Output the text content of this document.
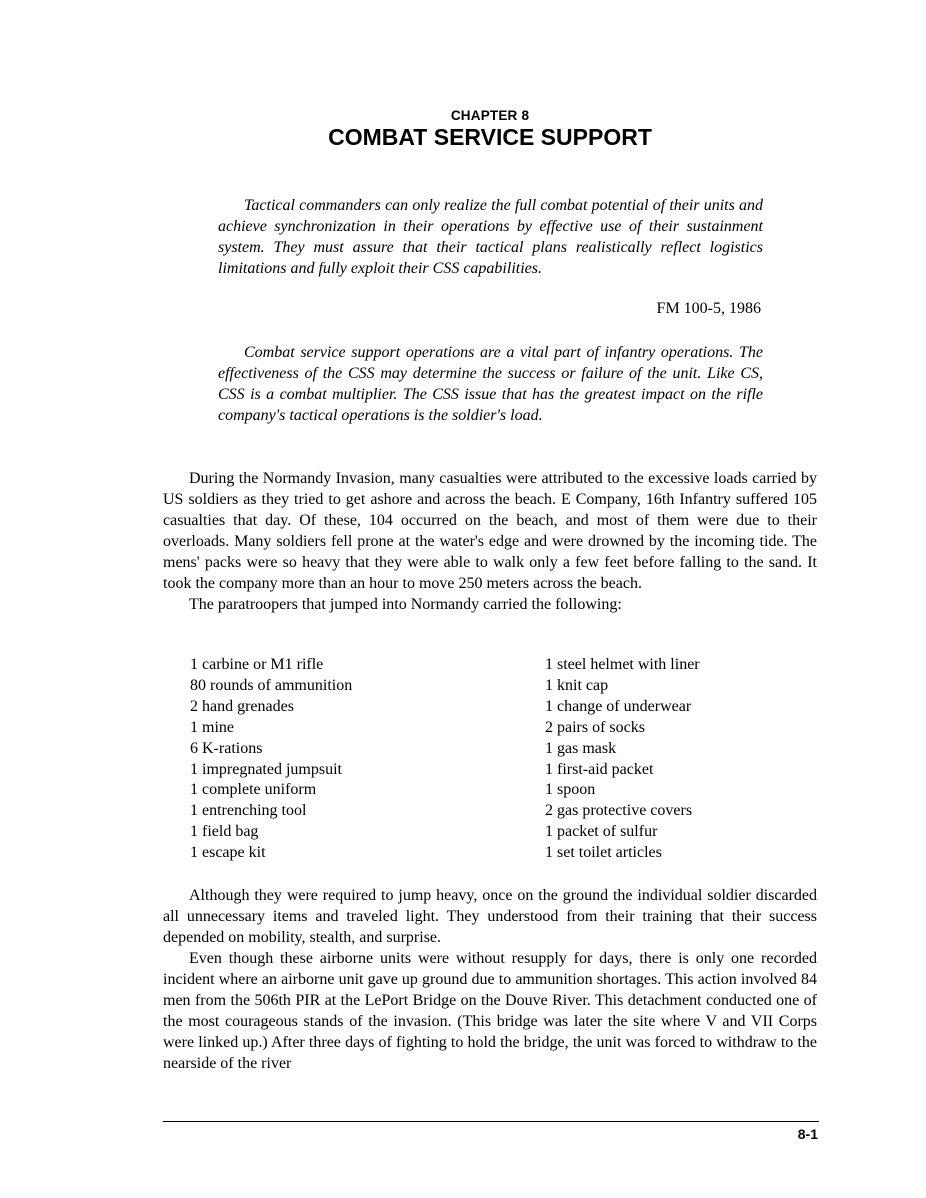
CHAPTER 8
COMBAT SERVICE SUPPORT

Tactical commanders can only realize the full combat potential of their units and achieve synchronization in their operations by effective use of their sustainment system. They must assure that their tactical plans realistically reflect logistics limitations and fully exploit their CSS capabilities.

FM 100-5, 1986

Combat service support operations are a vital part of infantry operations. The effectiveness of the CSS may determine the success or failure of the unit. Like CS, CSS is a combat multiplier. The CSS issue that has the greatest impact on the rifle company's tactical operations is the soldier's load.

During the Normandy Invasion, many casualties were attributed to the excessive loads carried by US soldiers as they tried to get ashore and across the beach. E Company, 16th Infantry suffered 105 casualties that day. Of these, 104 occurred on the beach, and most of them were due to their overloads. Many soldiers fell prone at the water's edge and were drowned by the incoming tide. The mens' packs were so heavy that they were able to walk only a few feet before falling to the sand. It took the company more than an hour to move 250 meters across the beach.

The paratroopers that jumped into Normandy carried the following:

1 carbine or M1 rifle
80 rounds of ammunition
2 hand grenades
1 mine
6 K-rations
1 impregnated jumpsuit
1 complete uniform
1 entrenching tool
1 field bag
1 escape kit
1 steel helmet with liner
1 knit cap
1 change of underwear
2 pairs of socks
1 gas mask
1 first-aid packet
1 spoon
2 gas protective covers
1 packet of sulfur
1 set toilet articles

Although they were required to jump heavy, once on the ground the individual soldier discarded all unnecessary items and traveled light. They understood from their training that their success depended on mobility, stealth, and surprise.

Even though these airborne units were without resupply for days, there is only one recorded incident where an airborne unit gave up ground due to ammunition shortages. This action involved 84 men from the 506th PIR at the LePort Bridge on the Douve River. This detachment conducted one of the most courageous stands of the invasion. (This bridge was later the site where V and VII Corps were linked up.) After three days of fighting to hold the bridge, the unit was forced to withdraw to the nearside of the river

8-1
